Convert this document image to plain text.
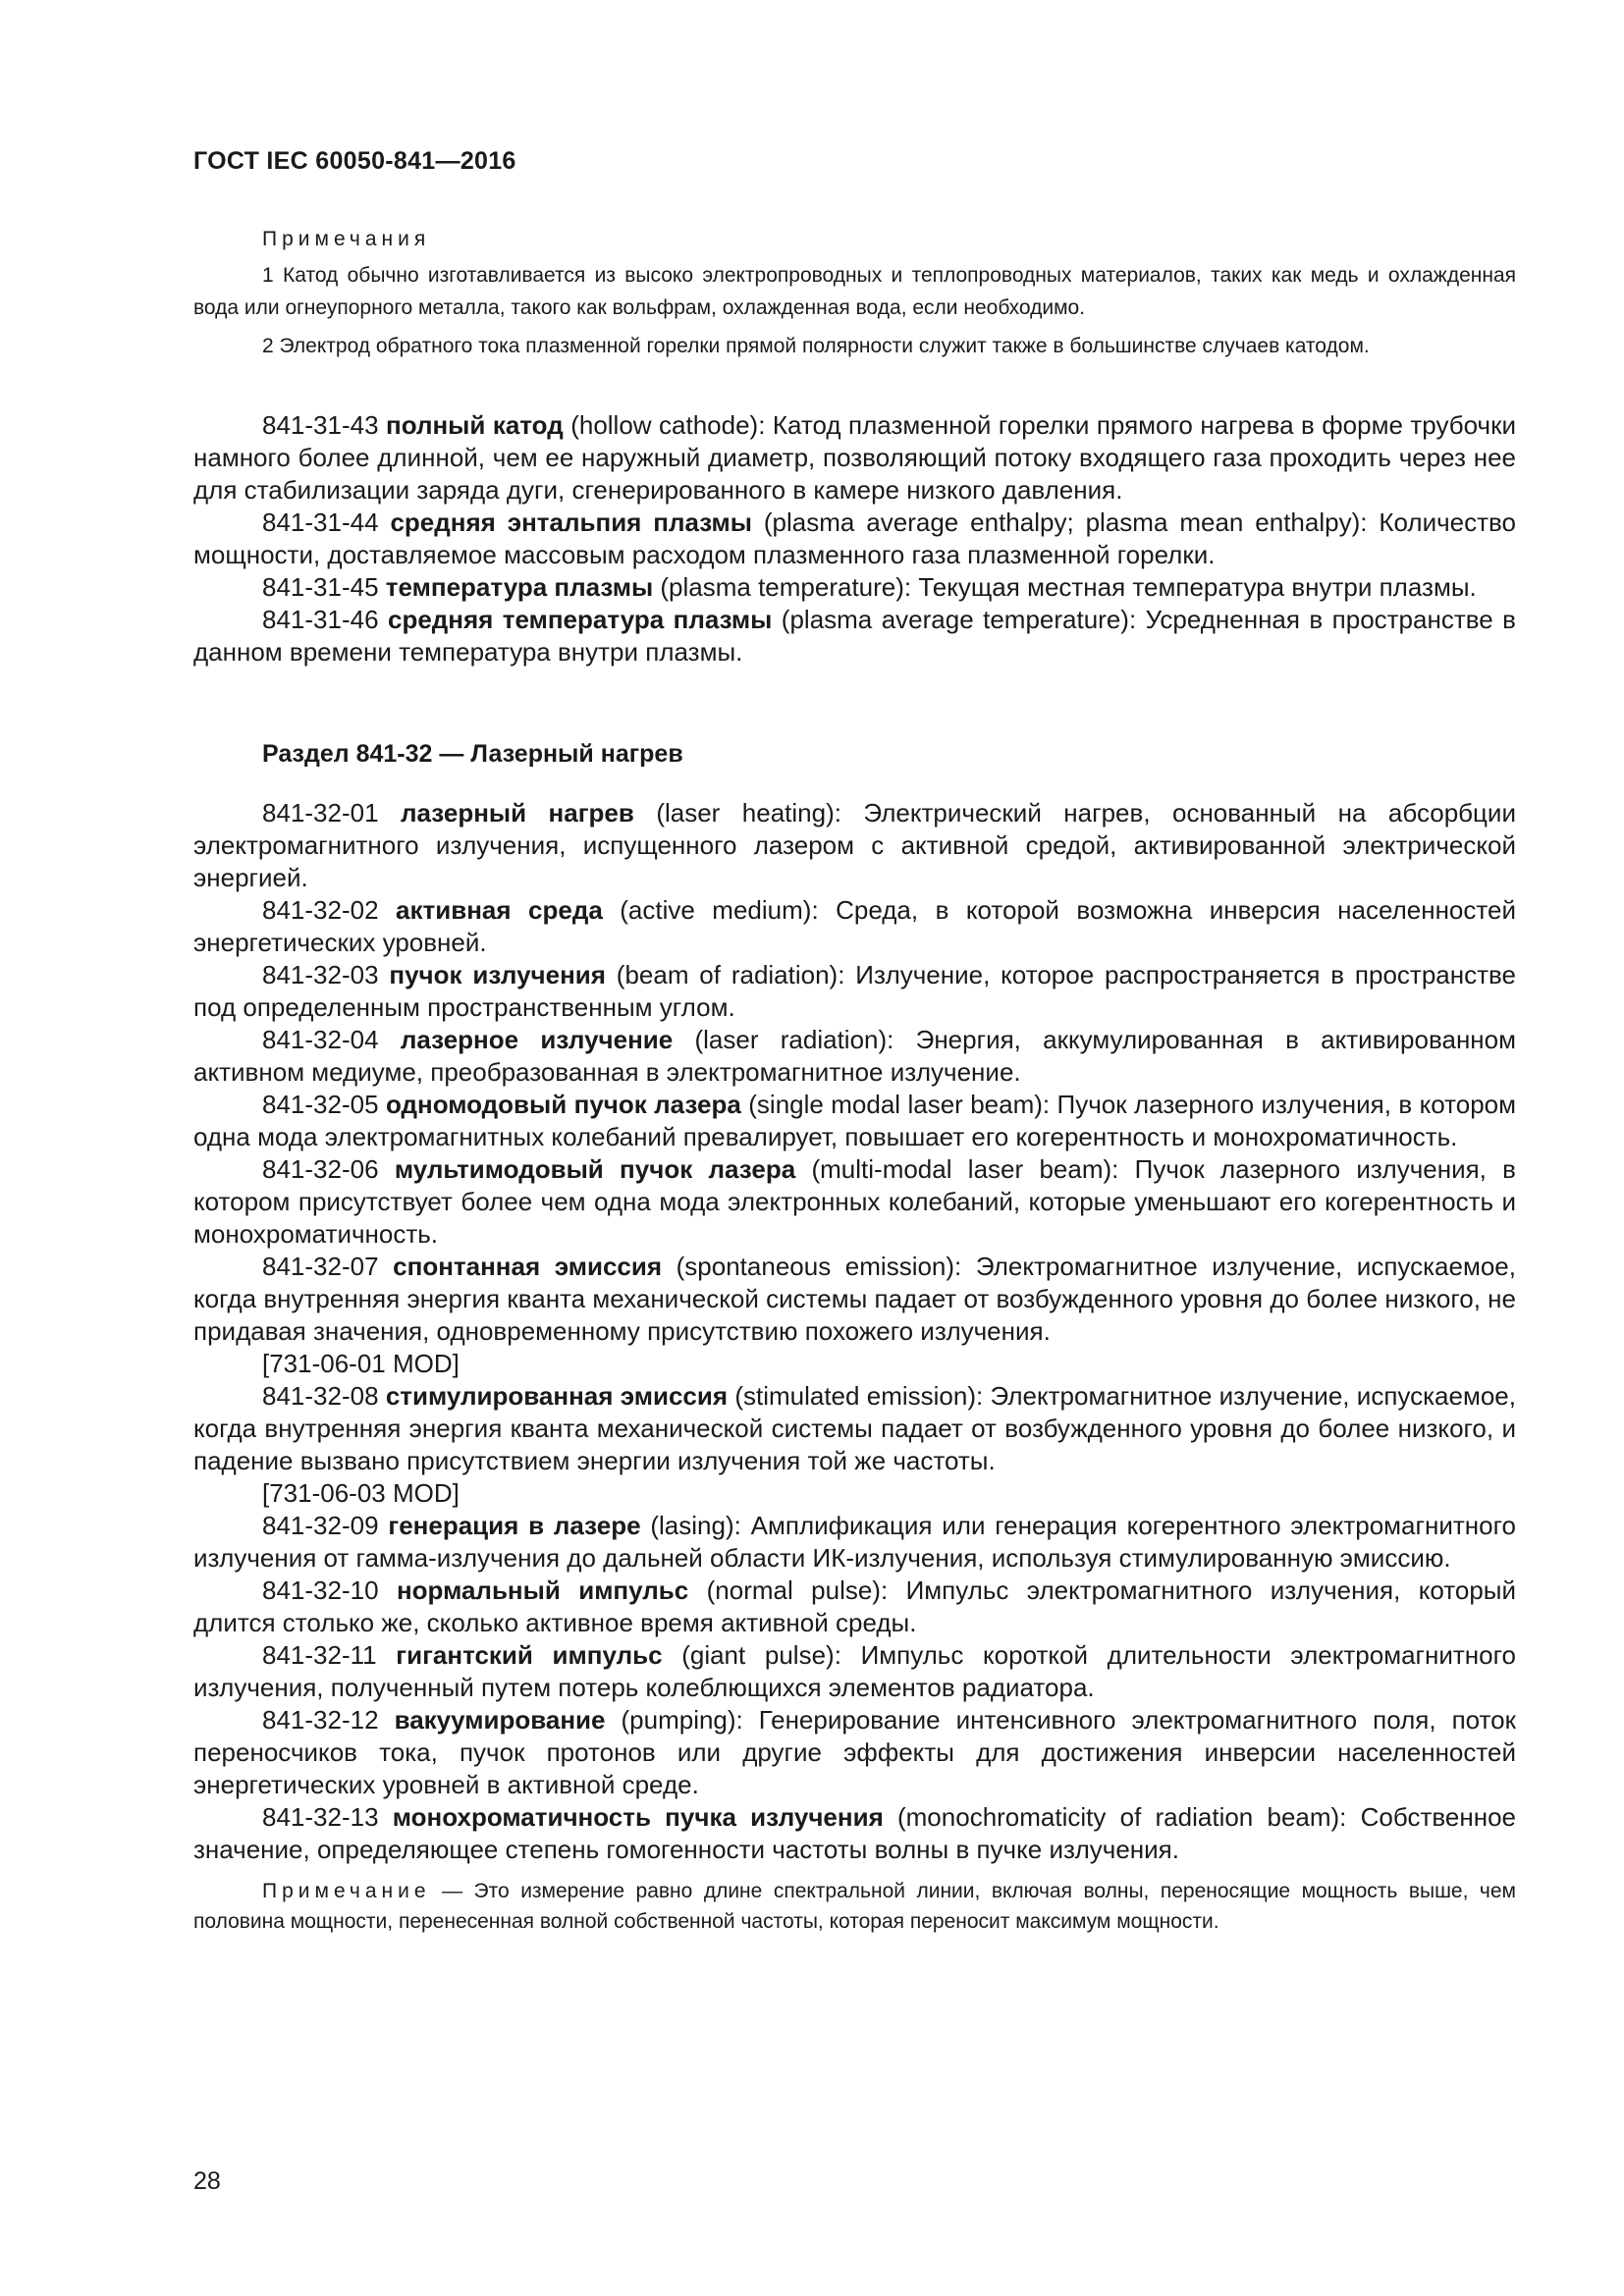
ГОСТ IEC 60050-841—2016
Примечания

1 Катод обычно изготавливается из высоко электропроводных и теплопроводных материалов, таких как медь и охлажденная вода или огнеупорного металла, такого как вольфрам, охлажденная вода, если необходимо.

2 Электрод обратного тока плазменной горелки прямой полярности служит также в большинстве случаев катодом.

841-31-43 полный катод (hollow cathode): Катод плазменной горелки прямого нагрева в форме трубочки намного более длинной, чем ее наружный диаметр, позволяющий потоку входящего газа проходить через нее для стабилизации заряда дуги, сгенерированного в камере низкого давления.

841-31-44 средняя энтальпия плазмы (plasma average enthalpy; plasma mean enthalpy): Количество мощности, доставляемое массовым расходом плазменного газа плазменной горелки.

841-31-45 температура плазмы (plasma temperature): Текущая местная температура внутри плазмы.

841-31-46 средняя температура плазмы (plasma average temperature): Усредненная в пространстве в данном времени температура внутри плазмы.

Раздел 841-32 — Лазерный нагрев

841-32-01 лазерный нагрев (laser heating): Электрический нагрев, основанный на абсорбции электромагнитного излучения, испущенного лазером с активной средой, активированной электрической энергией.

841-32-02 активная среда (active medium): Среда, в которой возможна инверсия населенностей энергетических уровней.

841-32-03 пучок излучения (beam of radiation): Излучение, которое распространяется в пространстве под определенным пространственным углом.

841-32-04 лазерное излучение (laser radiation): Энергия, аккумулированная в активированном активном медиуме, преобразованная в электромагнитное излучение.

841-32-05 одномодовый пучок лазера (single modal laser beam): Пучок лазерного излучения, в котором одна мода электромагнитных колебаний превалирует, повышает его когерентность и монохроматичность.

841-32-06 мультимодовый пучок лазера (multi-modal laser beam): Пучок лазерного излучения, в котором присутствует более чем одна мода электронных колебаний, которые уменьшают его когерентность и монохроматичность.

841-32-07 спонтанная эмиссия (spontaneous emission): Электромагнитное излучение, испускаемое, когда внутренняя энергия кванта механической системы падает от возбужденного уровня до более низкого, не придавая значения, одновременному присутствию похожего излучения.

[731-06-01 MOD]

841-32-08 стимулированная эмиссия (stimulated emission): Электромагнитное излучение, испускаемое, когда внутренняя энергия кванта механической системы падает от возбужденного уровня до более низкого, и падение вызвано присутствием энергии излучения той же частоты.

[731-06-03 MOD]

841-32-09 генерация в лазере (lasing): Амплификация или генерация когерентного электромагнитного излучения от гамма-излучения до дальней области ИК-излучения, используя стимулированную эмиссию.

841-32-10 нормальный импульс (normal pulse): Импульс электромагнитного излучения, который длится столько же, сколько активное время активной среды.

841-32-11 гигантский импульс (giant pulse): Импульс короткой длительности электромагнитного излучения, полученный путем потерь колеблющихся элементов радиатора.

841-32-12 вакуумирование (pumping): Генерирование интенсивного электромагнитного поля, поток переносчиков тока, пучок протонов или другие эффекты для достижения инверсии населенностей энергетических уровней в активной среде.

841-32-13 монохроматичность пучка излучения (monochromaticity of radiation beam): Собственное значение, определяющее степень гомогенности частоты волны в пучке излучения.

Примечание — Это измерение равно длине спектральной линии, включая волны, переносящие мощность выше, чем половина мощности, перенесенная волной собственной частоты, которая переносит максимум мощности.

28
